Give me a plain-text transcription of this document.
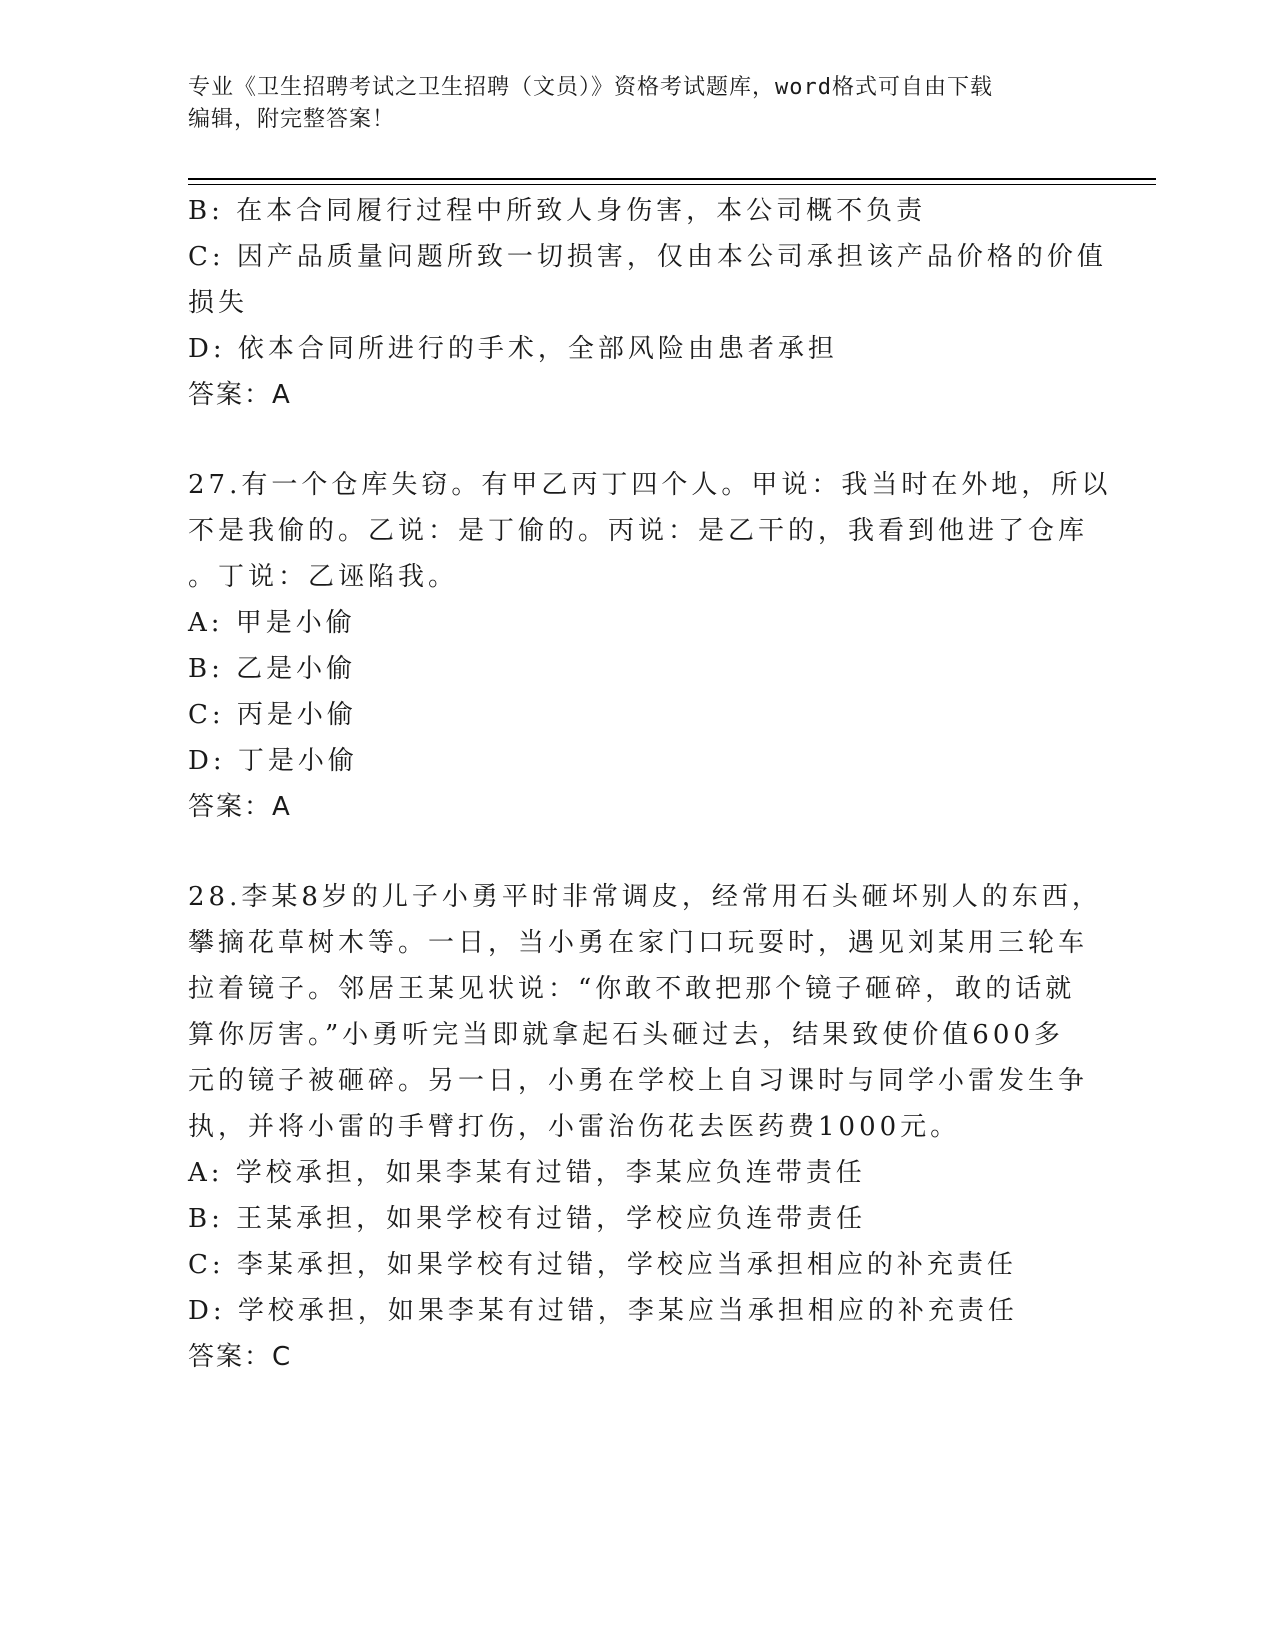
专业《卫生招聘考试之卫生招聘（文员）》资格考试题库，word格式可自由下载
编辑，附完整答案！
B: 在本合同履行过程中所致人身伤害，本公司概不负责
C: 因产品质量问题所致一切损害，仅由本公司承担该产品价格的价值
损失
D: 依本合同所进行的手术，全部风险由患者承担
答案：A
27.有一个仓库失窃。有甲乙丙丁四个人。甲说：我当时在外地，所以
不是我偷的。乙说：是丁偷的。丙说：是乙干的，我看到他进了仓库
。丁说：乙诬陷我。
A: 甲是小偷
B: 乙是小偷
C: 丙是小偷
D: 丁是小偷
答案：A
28.李某8岁的儿子小勇平时非常调皮，经常用石头砸坏别人的东西，
攀摘花草树木等。一日，当小勇在家门口玩耍时，遇见刘某用三轮车
拉着镜子。邻居王某见状说：“你敢不敢把那个镜子砸碎，敢的话就
算你厉害。”小勇听完当即就拿起石头砸过去，结果致使价值600多
元的镜子被砸碎。另一日，小勇在学校上自习课时与同学小雷发生争
执，并将小雷的手臂打伤，小雷治伤花去医药费1000元。
A: 学校承担，如果李某有过错，李某应负连带责任
B: 王某承担，如果学校有过错，学校应负连带责任
C: 李某承担，如果学校有过错，学校应当承担相应的补充责任
D: 学校承担，如果李某有过错，李某应当承担相应的补充责任
答案：C
